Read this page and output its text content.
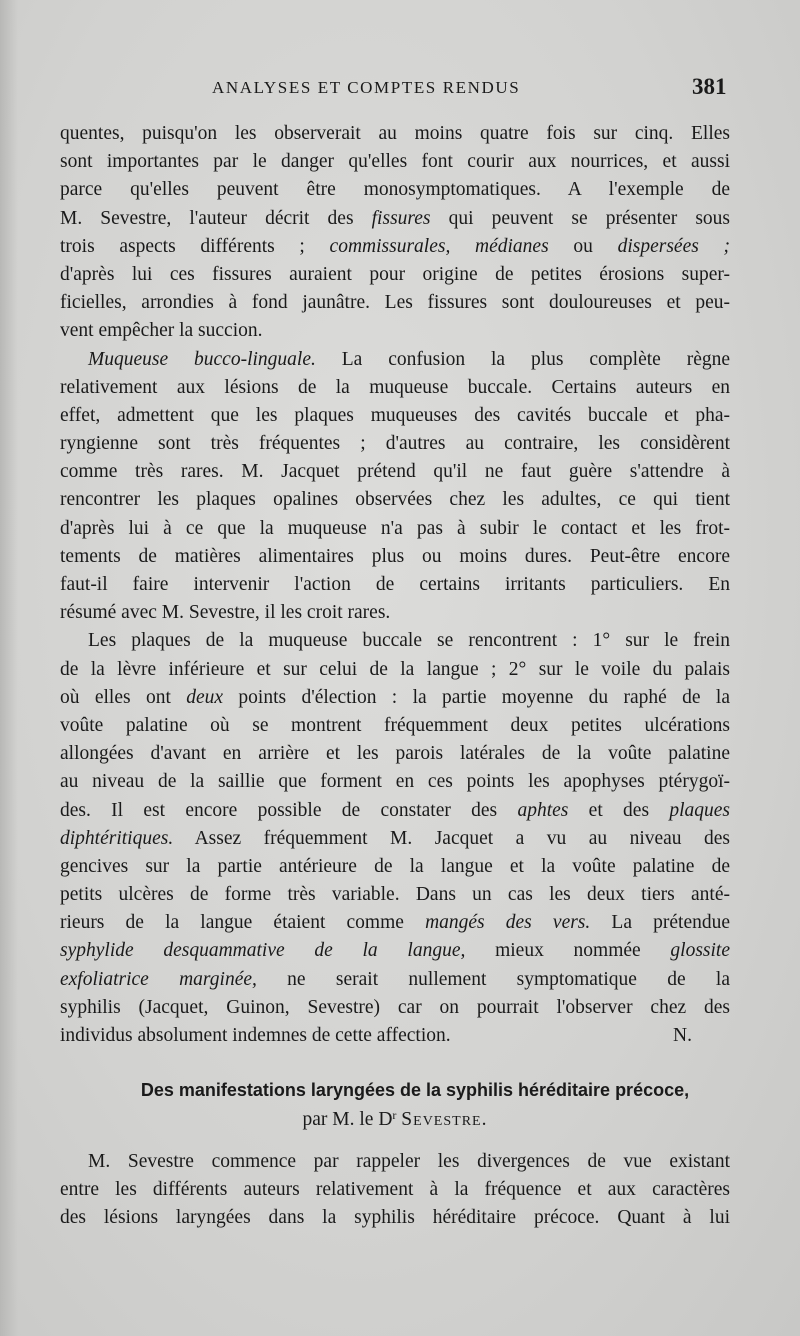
ANALYSES ET COMPTES RENDUS	381
quentes, puisqu'on les observerait au moins quatre fois sur cinq. Elles
sont importantes par le danger qu'elles font courir aux nourrices, et aussi
parce qu'elles peuvent être monosymptomatiques. A l'exemple de
M. Sevestre, l'auteur décrit des fissures qui peuvent se présenter sous
trois aspects différents ; commissurales, médianes ou dispersées ;
d'après lui ces fissures auraient pour origine de petites érosions super-
ficielles, arrondies à fond jaunâtre. Les fissures sont douloureuses et peu-
vent empêcher la succion.
Muqueuse bucco-linguale. La confusion la plus complète règne
relativement aux lésions de la muqueuse buccale. Certains auteurs en
effet, admettent que les plaques muqueuses des cavités buccale et pha-
ryngienne sont très fréquentes ; d'autres au contraire, les considèrent
comme très rares. M. Jacquet prétend qu'il ne faut guère s'attendre à
rencontrer les plaques opalines observées chez les adultes, ce qui tient
d'après lui à ce que la muqueuse n'a pas à subir le contact et les frot-
tements de matières alimentaires plus ou moins dures. Peut-être encore
faut-il faire intervenir l'action de certains irritants particuliers. En
résumé avec M. Sevestre, il les croit rares.
Les plaques de la muqueuse buccale se rencontrent : 1° sur le frein
de la lèvre inférieure et sur celui de la langue ; 2° sur le voile du palais
où elles ont deux points d'élection : la partie moyenne du raphé de la
voûte palatine où se montrent fréquemment deux petites ulcérations
allongées d'avant en arrière et les parois latérales de la voûte palatine
au niveau de la saillie que forment en ces points les apophyses ptérygoï-
des. Il est encore possible de constater des aphtes et des plaques
diphtéritiques. Assez fréquemment M. Jacquet a vu au niveau des
gencives sur la partie antérieure de la langue et la voûte palatine de
petits ulcères de forme très variable. Dans un cas les deux tiers anté-
rieurs de la langue étaient comme mangés des vers. La prétendue
syphylide desquammative de la langue, mieux nommée glossite
exfoliatrice marginée, ne serait nullement symptomatique de la
syphilis (Jacquet, Guinon, Sevestre) car on pourrait l'observer chez des
individus absolument indemnes de cette affection.	N.
Des manifestations laryngées de la syphilis héréditaire précoce,
par M. le $D^r$ Sevestre.
M. Sevestre commence par rappeler les divergences de vue existant
entre les différents auteurs relativement à la fréquence et aux caractères
des lésions laryngées dans la syphilis héréditaire précoce. Quant à lui
